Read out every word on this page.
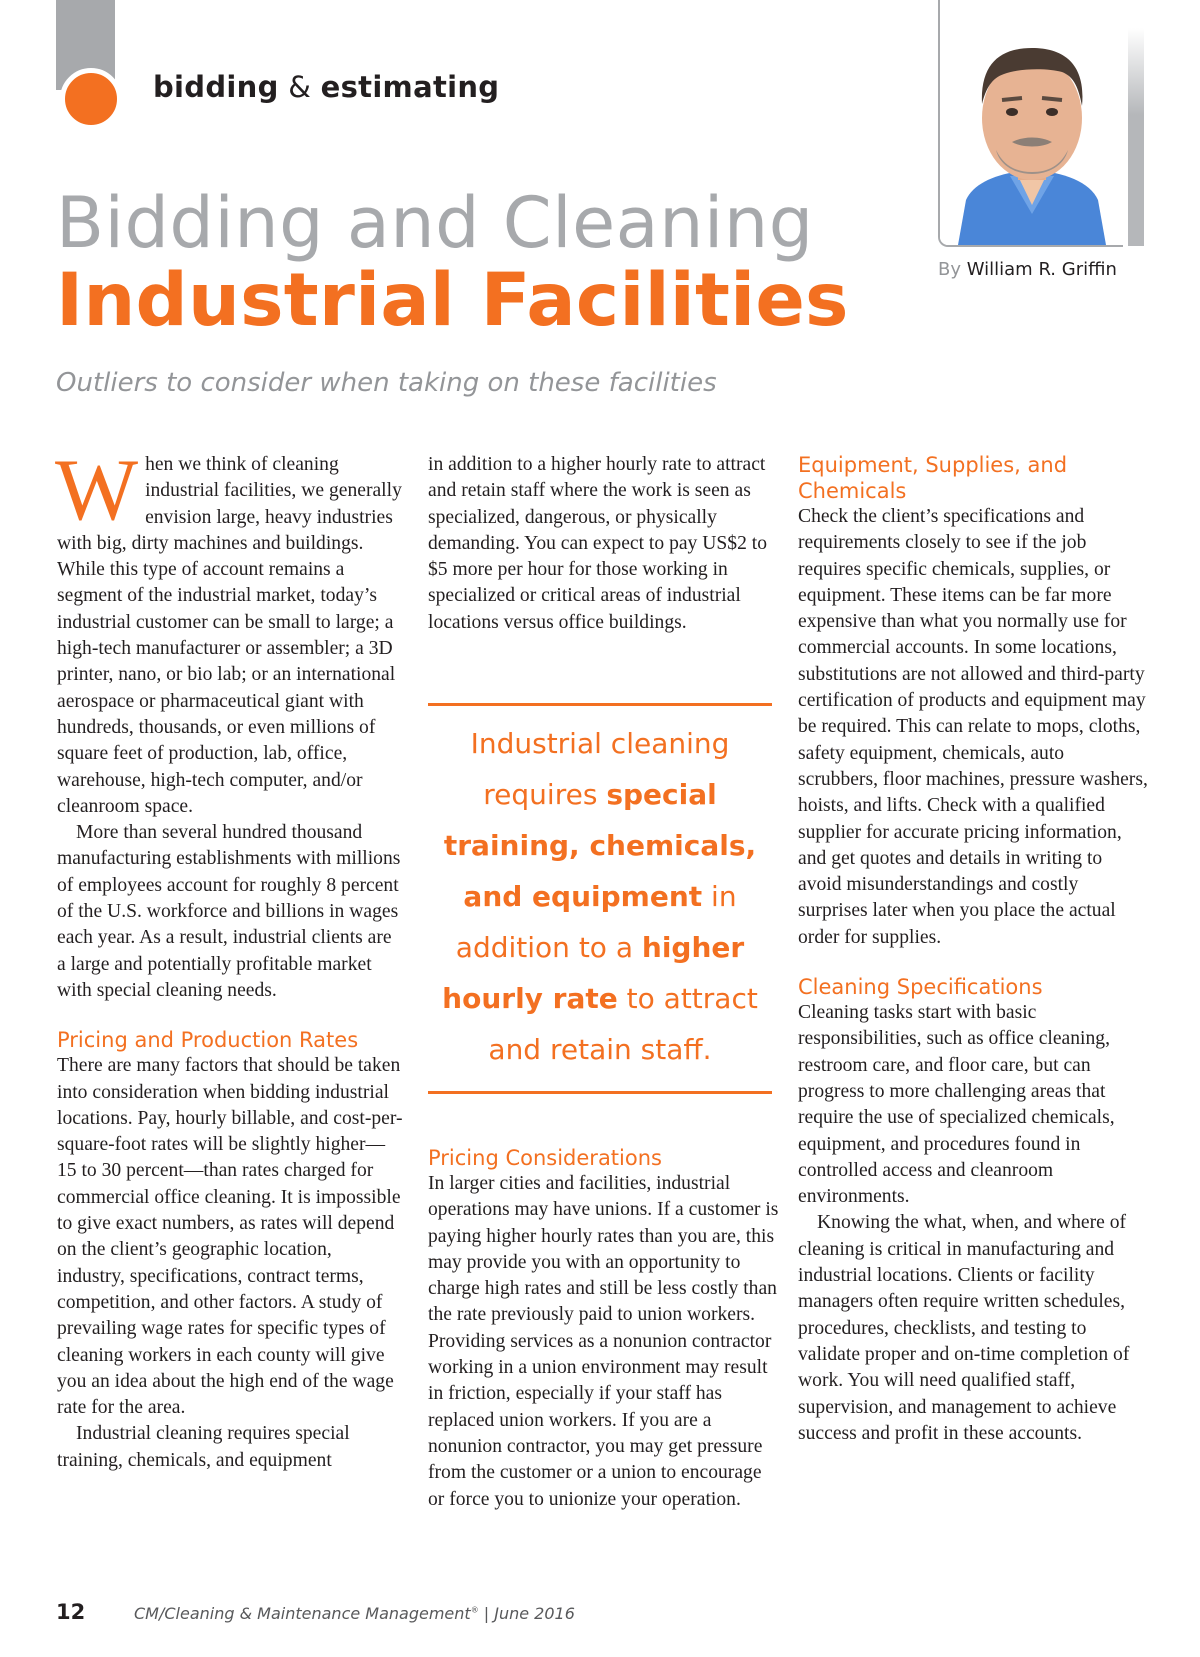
bidding & estimating
Bidding and Cleaning
Industrial Facilities
Outliers to consider when taking on these facilities
By William R. Griffin

When we think of cleaning industrial facilities, we generally envision large, heavy industries with big, dirty machines and buildings. While this type of account remains a segment of the industrial market, today’s industrial customer can be small to large; a high-tech manufacturer or assembler; a 3D printer, nano, or bio lab; or an international aerospace or pharmaceutical giant with hundreds, thousands, or even millions of square feet of production, lab, office, warehouse, high-tech computer, and/or cleanroom space.

More than several hundred thousand manufacturing establishments with millions of employees account for roughly 8 percent of the U.S. workforce and billions in wages each year. As a result, industrial clients are a large and potentially profitable market with special cleaning needs.

Pricing and Production Rates

There are many factors that should be taken into consideration when bidding industrial locations. Pay, hourly billable, and cost-per-square-foot rates will be slightly higher—15 to 30 percent—than rates charged for commercial office cleaning. It is impossible to give exact numbers, as rates will depend on the client’s geographic location, industry, specifications, contract terms, competition, and other factors. A study of prevailing wage rates for specific types of cleaning workers in each county will give you an idea about the high end of the wage rate for the area.

Industrial cleaning requires special training, chemicals, and equipment

in addition to a higher hourly rate to attract and retain staff where the work is seen as specialized, dangerous, or physically demanding. You can expect to pay US$2 to $5 more per hour for those working in specialized or critical areas of industrial locations versus office buildings.

Industrial cleaning requires special training, chemicals, and equipment in addition to a higher hourly rate to attract and retain staff.
Pricing Considerations

In larger cities and facilities, industrial operations may have unions. If a customer is paying higher hourly rates than you are, this may provide you with an opportunity to charge high rates and still be less costly than the rate previously paid to union workers. Providing services as a nonunion contractor working in a union environment may result in friction, especially if your staff has replaced union workers. If you are a nonunion contractor, you may get pressure from the customer or a union to encourage or force you to unionize your operation.

Equipment, Supplies, and Chemicals

Check the client’s specifications and requirements closely to see if the job requires specific chemicals, supplies, or equipment. These items can be far more expensive than what you normally use for commercial accounts. In some locations, substitutions are not allowed and third-party certification of products and equipment may be required. This can relate to mops, cloths, safety equipment, chemicals, auto scrubbers, floor machines, pressure washers, hoists, and lifts. Check with a qualified supplier for accurate pricing information, and get quotes and details in writing to avoid misunderstandings and costly surprises later when you place the actual order for supplies.

Cleaning Specifications

Cleaning tasks start with basic responsibilities, such as office cleaning, restroom care, and floor care, but can progress to more challenging areas that require the use of specialized chemicals, equipment, and procedures found in controlled access and cleanroom environments.

Knowing the what, when, and where of cleaning is critical in manufacturing and industrial locations. Clients or facility managers often require written schedules, procedures, checklists, and testing to validate proper and on-time completion of work. You will need qualified staff, supervision, and management to achieve success and profit in these accounts.

12	CM/Cleaning & Maintenance Management® | June 2016
